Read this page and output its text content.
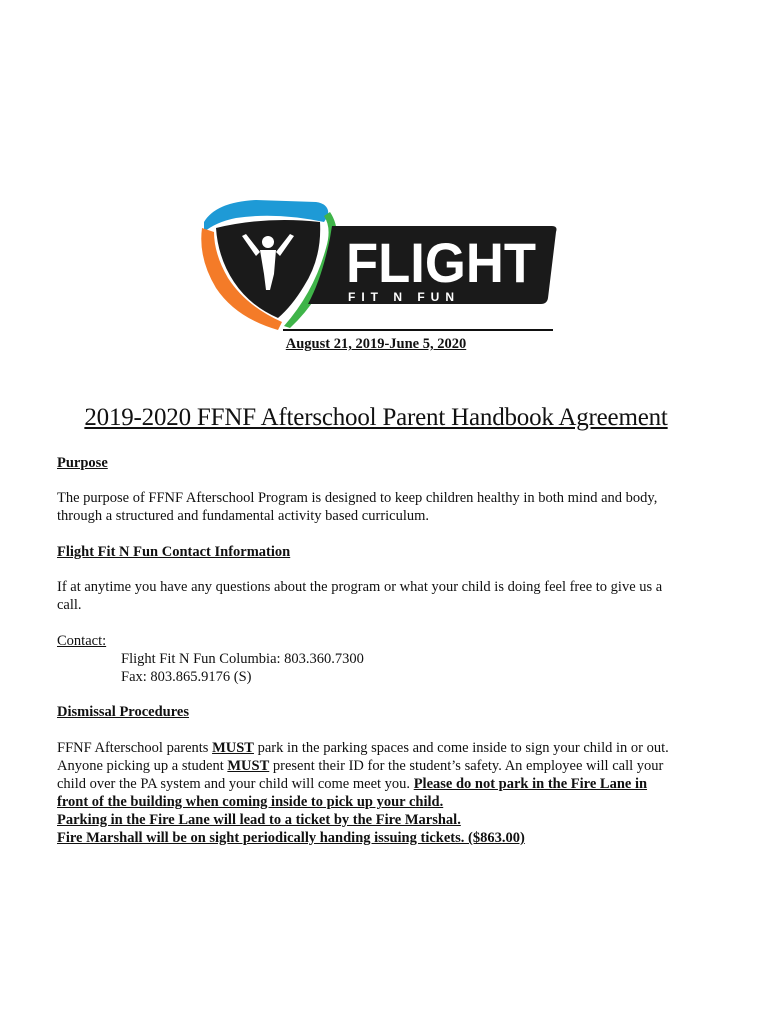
FLIGHT
FIT N FUN
August 21, 2019-June 5, 2020
2019-2020 FFNF Afterschool Parent Handbook Agreement
Purpose
The purpose of FFNF Afterschool Program is designed to keep children healthy in both mind and body,
through a structured and fundamental activity based curriculum.
Flight Fit N Fun Contact Information
If at anytime you have any questions about the program or what your child is doing feel free to give us a
call.
Contact:
Flight Fit N Fun Columbia: 803.360.7300
Fax: 803.865.9176 (S)
Dismissal Procedures
FFNF Afterschool parents MUST park in the parking spaces and come inside to sign your child in or out.
Anyone picking up a student MUST present their ID for the student’s safety. An employee will call your
child over the PA system and your child will come meet you. Please do not park in the Fire Lane in
front of the building when coming inside to pick up your child.
Parking in the Fire Lane will lead to a ticket by the Fire Marshal.
Fire Marshall will be on sight periodically handing issuing tickets. ($863.00)
